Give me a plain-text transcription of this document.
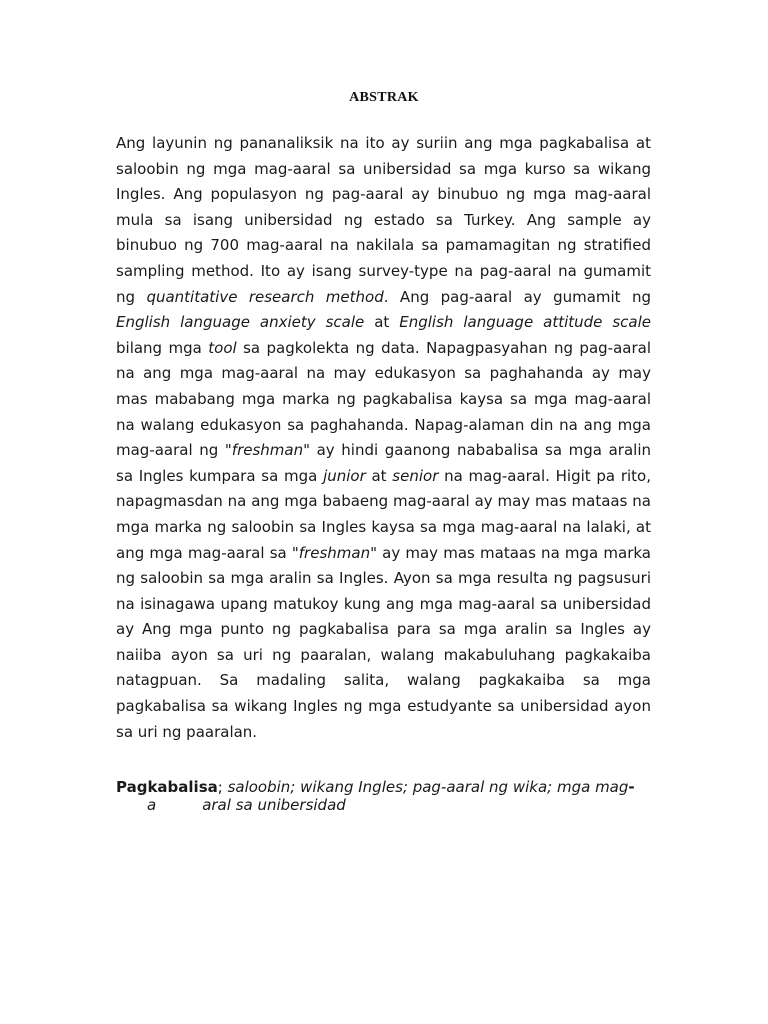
ABSTRAK

Ang layunin ng pananaliksik na ito ay suriin ang mga pagkabalisa at saloobin ng mga mag-aaral sa unibersidad sa mga kurso sa wikang Ingles. Ang populasyon ng pag-aaral ay binubuo ng mga mag-aaral mula sa isang unibersidad ng estado sa Turkey. Ang sample ay binubuo ng 700 mag-aaral na nakilala sa pamamagitan ng stratified sampling method. Ito ay isang survey-type na pag-aaral na gumamit ng quantitative research method. Ang pag-aaral ay gumamit ng English language anxiety scale at English language attitude scale bilang mga tool sa pagkolekta ng data. Napagpasyahan ng pag-aaral na ang mga mag-aaral na may edukasyon sa paghahanda ay may mas mababang mga marka ng pagkabalisa kaysa sa mga mag-aaral na walang edukasyon sa paghahanda. Napag-alaman din na ang mga mag-aaral ng "freshman" ay hindi gaanong nababalisa sa mga aralin sa Ingles kumpara sa mga junior at senior na mag-aaral. Higit pa rito, napagmasdan na ang mga babaeng mag-aaral ay may mas mataas na mga marka ng saloobin sa Ingles kaysa sa mga mag-aaral na lalaki, at ang mga mag-aaral sa "freshman" ay may mas mataas na mga marka ng saloobin sa mga aralin sa Ingles. Ayon sa mga resulta ng pagsusuri na isinagawa upang matukoy kung ang mga mag-aaral sa unibersidad ay Ang mga punto ng pagkabalisa para sa mga aralin sa Ingles ay naiiba ayon sa uri ng paaralan, walang makabuluhang pagkakaiba natagpuan. Sa madaling salita, walang pagkakaiba sa mga pagkabalisa sa wikang Ingles ng mga estudyante sa unibersidad ayon sa uri ng paaralan.

Pagkabalisa; saloobin; wikang Ingles; pag-aaral ng wika; mga mag-
a	aral sa unibersidad
